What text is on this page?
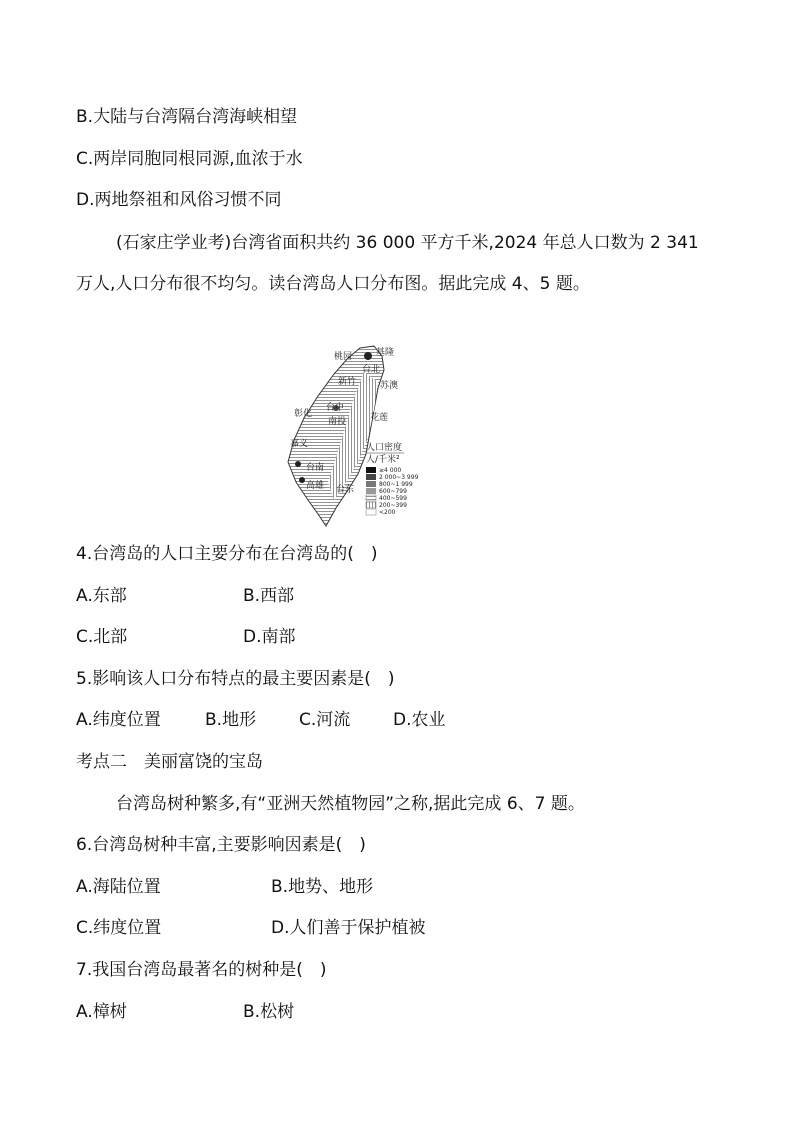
B.大陆与台湾隔台湾海峡相望
C.两岸同胞同根同源,血浓于水
D.两地祭祖和风俗习惯不同
(石家庄学业考)台湾省面积共约 36 000 平方千米,2024 年总人口数为 2 341
万人,人口分布很不均匀。读台湾岛人口分布图。据此完成 4、5 题。
桃园	基隆
台北
新竹	苏澳
彰化
台中
南投	花莲
嘉义
台南
高雄 台东
人口密度
人/千米²
≥4 000
2 000~3 999
800~1 999
600~799
400~599
200~399
<200
4.台湾岛的人口主要分布在台湾岛的(　)
A.东部	B.西部
C.北部	D.南部
5.影响该人口分布特点的最主要因素是(　)
A.纬度位置	B.地形	C.河流	D.农业
考点二　美丽富饶的宝岛
台湾岛树种繁多,有“亚洲天然植物园”之称,据此完成 6、7 题。
6.台湾岛树种丰富,主要影响因素是(　)
A.海陆位置	B.地势、地形
C.纬度位置	D.人们善于保护植被
7.我国台湾岛最著名的树种是(　)
A.樟树	B.松树
